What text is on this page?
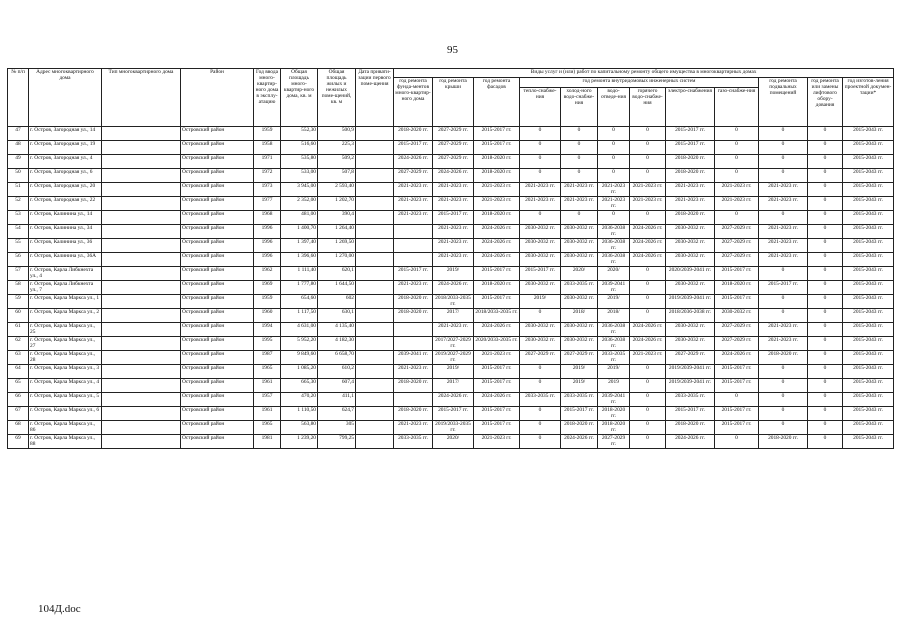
95
№ п/п	Адрес многоквартирного дома	Тип многоквартирного дома	Район	Год ввода много-квартир-ного дома в эксплу-атацию	Общая площадь много-квартир-ного дома, кв. м	Общая площадь жилых и нежилых поме-щений, кв. м	Дата привати-зации первого поме-щения	Виды услуг и (или) работ по капитальному ремонту общего имущества в многоквартирных домах											
								год ремонта фунда-ментов много-квартир-ного дома	год ремонта крыши	год ремонта фасадов	год ремонта внутридомовых инженерных систем						год ремонта подвальных помещений	год ремонта или замены лифтового обору-дования	год изготов-ления проектной докумен-тации*
											тепло-снабже-ния	холод-ного водо-снабже-ния	водо-отведе-ния	горячего водо-снабже-ния	электро-снабжения	газо-снабже-ния			
47	г. Остров, Загородная ул., 14		Островский район	1959	552,30	500,9		2018-2020 гг.	2027-2029 гг.	2015-2017 гг.	0	0	0	0	2015-2017 гг.	0	0	0	2015-2043 гг.
48	г. Остров, Загородная ул., 19		Островский район	1958	516,60	225,3		2015-2017 гг.	2027-2029 гг.	2015-2017 гг.	0	0	0	0	2015-2017 гг.	0	0	0	2015-2043 гг.
49	г. Остров, Загородная ул., 4		Островский район	1971	535,80	509,2		2024-2026 гг.	2027-2029 гг.	2018-2020 гг.	0	0	0	0	2018-2020 гг.	0	0	0	2015-2043 гг.
50	г. Остров, Загородная ул., 6		Островский район	1972	533,00	507,8		2027-2029 гг.	2024-2026 гг.	2018-2020 гг.	0	0	0	0	2018-2020 гг.	0	0	0	2015-2043 гг.
51	г. Остров, Загородная ул., 20		Островский район	1973	3 945,00	2 593,40		2021-2023 гг.	2021-2023 гг.	2021-2023 гг.	2021-2023 гг.	2021-2023 гг.	2021-2023 гг.	2021-2023 гг.	2021-2023 гг.	2021-2023 гг.	2021-2023 гг.	0	2015-2043 гг.
52	г. Остров, Загородная ул., 22		Островский район	1977	2 352,00	1 202,70		2021-2023 гг.	2021-2023 гг.	2021-2023 гг.	2021-2023 гг.	2021-2023 гг.	2021-2023 гг.	2021-2023 гг.	2021-2023 гг.	2021-2023 гг.	2021-2023 гг.	0	2015-2043 гг.
53	г. Остров, Калинина ул., 14		Островский район	1968	481,00	390,4		2021-2023 гг.	2015-2017 гг.	2018-2020 гг.	0	0	0	0	2018-2020 гг.	0	0	0	2015-2043 гг.
54	г. Остров, Калинина ул., 34		Островский район	1996	1 400,70	1 264,40			2021-2023 гг.	2024-2026 гг.	2030-2032 гг.	2030-2032 гг.	2036-2038 гг.	2024-2026 гг.	2030-2032 гг.	2027-2029 гг.	2021-2023 гг.	0	2015-2043 гг.
55	г. Остров, Калинина ул., 36		Островский район	1996	1 397,40	1 269,50			2021-2023 гг.	2024-2026 гг.	2030-2032 гг.	2030-2032 гг.	2036-2038 гг.	2024-2026 гг.	2030-2032 гг.	2027-2029 гг.	2021-2023 гг.	0	2015-2043 гг.
56	г. Остров, Калинина ул., 36А		Островский район	1996	1 396,60	1 270,00			2021-2023 гг.	2024-2026 гг.	2030-2032 гг.	2030-2032 гг.	2036-2038 гг.	2024-2026 гг.	2030-2032 гг.	2027-2029 гг.	2021-2023 гг.	0	2015-2043 гг.
57	г. Остров, Карла Либкнехта ул., 4		Островский район	1962	1 111,40	620,1		2015-2017 гг.	2019/	2015-2017 гг.	2015-2017 гг.	2020/	2020/	0	2020/2039-2041 гг.	2015-2017 гг.	0	0	2015-2043 гг.
58	г. Остров, Карла Либкнехта ул., 7		Островский район	1969	1 777,80	1 644,50		2021-2023 гг.	2024-2026 гг.	2018-2020 гг.	2030-2032 гг.	2033-2035 гг.	2039-2041 гг.	0	2030-2032 гг.	2018-2020 гг.	2015-2017 гг.	0	2015-2043 гг.
59	г. Остров, Карла Маркса ул., 1		Островский район	1959	654,60	602		2018-2020 гг.	2018/2033-2035 гг.	2015-2017 гг.	2019/	2030-2032 гг.	2019/	0	2019/2039-2041 гг.	2015-2017 гг.	0	0	2015-2043 гг.
60	г. Остров, Карла Маркса ул., 2		Островский район	1960	1 117,50	630,1		2018-2020 гг.	2017/	2018/2033-2035 гг.	0	2018/	2018/	0	2018/2036-2038 гг.	2030-2032 гг.	0	0	2015-2043 гг.
61	г. Остров, Карла Маркса ул., 25		Островский район	1994	4 631,00	4 135,40			2021-2023 гг.	2024-2026 гг.	2030-2032 гг.	2030-2032 гг.	2036-2038 гг.	2024-2026 гг.	2030-2032 гг.	2027-2029 гг.	2021-2023 гг.	0	2015-2043 гг.
62	г. Остров, Карла Маркса ул., 27		Островский район	1995	5 952,20	4 182,30			2017/2027-2029 гг.	2020/2033-2035 гг.	2030-2032 гг.	2030-2032 гг.	2036-2038 гг.	2024-2026 гг.	2030-2032 гг.	2027-2029 гг.	2021-2023 гг.	0	2015-2043 гг.
63	г. Остров, Карла Маркса ул., 28		Островский район	1987	9 849,60	6 658,70		2039-2041 гг.	2019/2027-2029 гг.	2021-2023 гг.	2027-2029 гг.	2027-2029 гг.	2033-2035 гг.	2021-2023 гг.	2027-2029 гг.	2024-2026 гг.	2018-2020 гг.	0	2015-2043 гг.
64	г. Остров, Карла Маркса ул., 3		Островский район	1965	1 085,20	610,2		2021-2023 гг.	2019/	2015-2017 гг.	0	2019/	2019/	0	2019/2039-2041 гг.	2015-2017 гг.	0	0	2015-2043 гг.
65	г. Остров, Карла Маркса ул., 4		Островский район	1961	665,30	607,4		2018-2020 гг.	2017/	2015-2017 гг.	0	2019/	2019	0	2019/2039-2041 гг.	2015-2017 гг.	0	0	2015-2043 гг.
66	г. Остров, Карла Маркса ул., 5		Островский район	1957	470,20	411,1			2024-2026 гг.	2024-2026 гг.	2033-2035 гг.	2033-2035 гг.	2039-2041 гг.	0	2033-2035 гг.	0	0	0	2015-2043 гг.
67	г. Остров, Карла Маркса ул., 6		Островский район	1961	1 110,50	624,7		2018-2020 гг.	2015-2017 гг.	2015-2017 гг.	0	2015-2017 гг.	2018-2020 гг.	0	2015-2017 гг.	2015-2017 гг.	0	0	2015-2043 гг.
68	г. Остров, Карла Маркса ул., 86		Островский район	1965	563,80	305		2021-2023 гг.	2019/2033-2035 гг.	2015-2017 гг.	0	2018-2020 гг.	2018-2020 гг.	0	2018-2020 гг.	2015-2017 гг.	0	0	2015-2043 гг.
69	г. Остров, Карла Маркса ул., 88		Островский район	1981	1 239,20	799,25		2033-2035 гг.	2020/	2021-2023 гг.	0	2024-2026 гг.	2027-2029 гг.	0	2024-2026 гг.	0	2018-2020 гг.	0	2015-2043 гг.
104Д.doc
